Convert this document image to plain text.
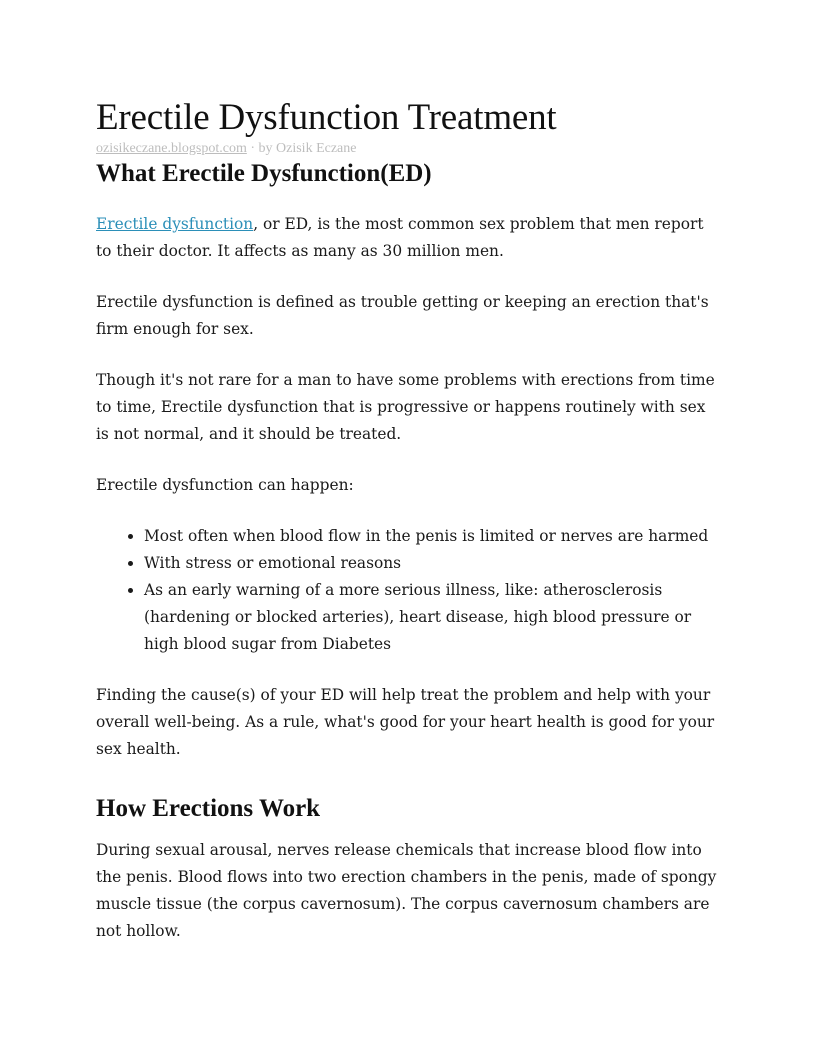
Erectile Dysfunction Treatment

ozisikeczane.blogspot.com · by Ozisik Eczane

What Erectile Dysfunction(ED)

Erectile dysfunction, or ED, is the most common sex problem that men report to their doctor. It affects as many as 30 million men.

Erectile dysfunction is defined as trouble getting or keeping an erection that's firm enough for sex.

Though it's not rare for a man to have some problems with erections from time to time, Erectile dysfunction that is progressive or happens routinely with sex is not normal, and it should be treated.

Erectile dysfunction can happen:

• Most often when blood flow in the penis is limited or nerves are harmed
• With stress or emotional reasons
• As an early warning of a more serious illness, like: atherosclerosis (hardening or blocked arteries), heart disease, high blood pressure or high blood sugar from Diabetes

Finding the cause(s) of your ED will help treat the problem and help with your overall well-being. As a rule, what's good for your heart health is good for your sex health.

How Erections Work

During sexual arousal, nerves release chemicals that increase blood flow into the penis. Blood flows into two erection chambers in the penis, made of spongy muscle tissue (the corpus cavernosum). The corpus cavernosum chambers are not hollow.
